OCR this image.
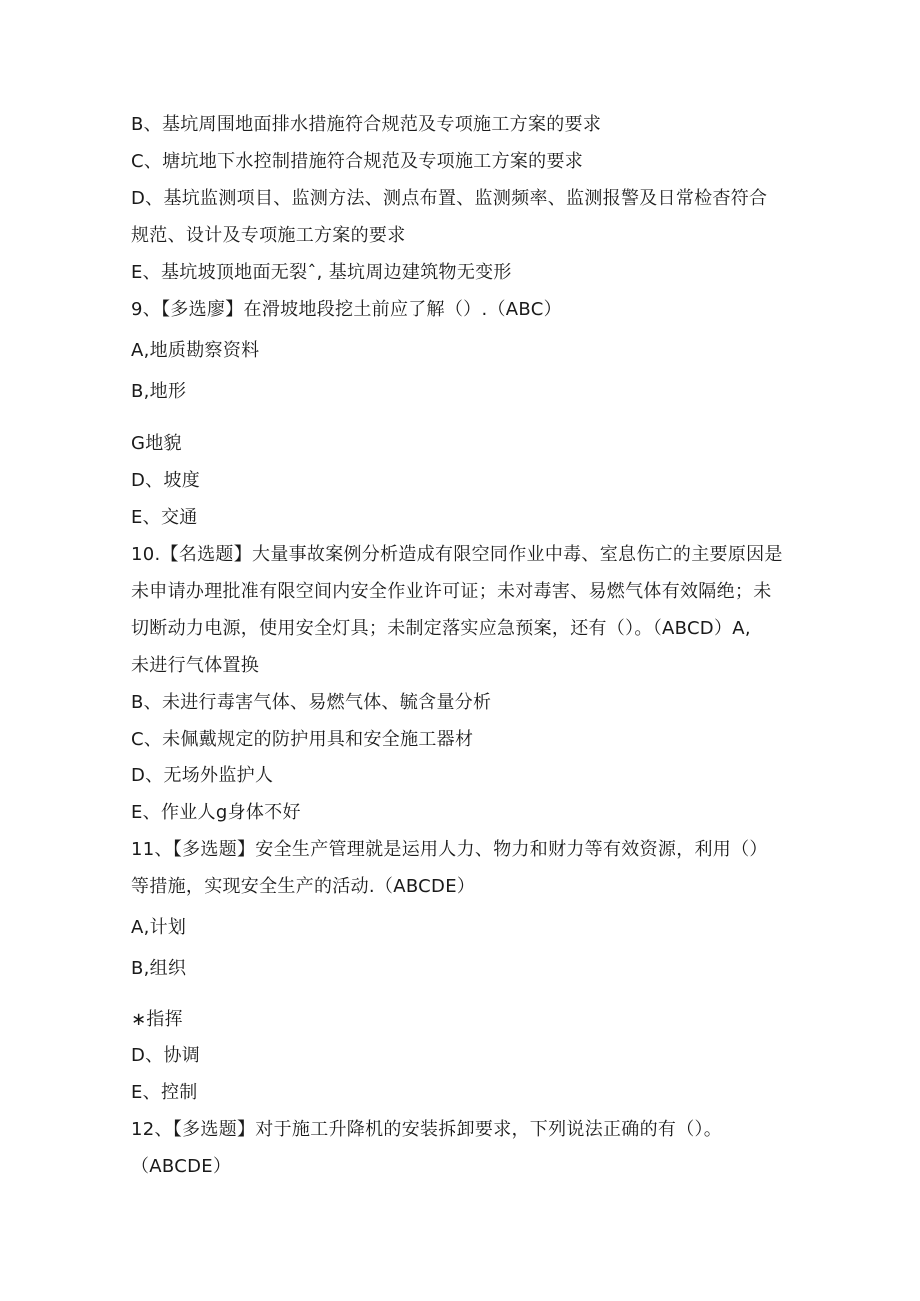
B、基坑周围地面排水措施符合规范及专项施工方案的要求

C、塘坑地下水控制措施符合规范及专项施工方案的要求

D、基坑监测项目、监测方法、测点布置、监测频率、监测报警及日常检杳符合

规范、设计及专项施工方案的要求

E、基坑坡顶地面无裂ˆ, 基坑周边建筑物无变形

9、【多选廖】在滑坡地段挖土前应了解（）.（ABC）

A,地质勘察资料

B,地形

G地貌

D、坡度

E、交通

10.【名选题】大量事故案例分析造成有限空同作业中毒、室息伤亡的主要原因是

未申请办理批准有限空间内安全作业许可证；未对毒害、易燃气体有效隔绝；未

切断动力电源，使用安全灯具；未制定落实应急预案，还有（）。（ABCD）A,

未进行气体置换

B、未进行毒害气体、易燃气体、毓含量分析

C、未佩戴规定的防护用具和安全施工器材

D、无场外监护人

E、作业人g身体不好

11、【多选题】安全生产管理就是运用人力、物力和财力等有效资源，利用（）

等措施，实现安全生产的活动.（ABCDE）

A,计划

B,组织

∗指挥

D、协调

E、控制

12、【多选题】对于施工升降机的安装拆卸要求，下列说法正确的有（）。

（ABCDE）
